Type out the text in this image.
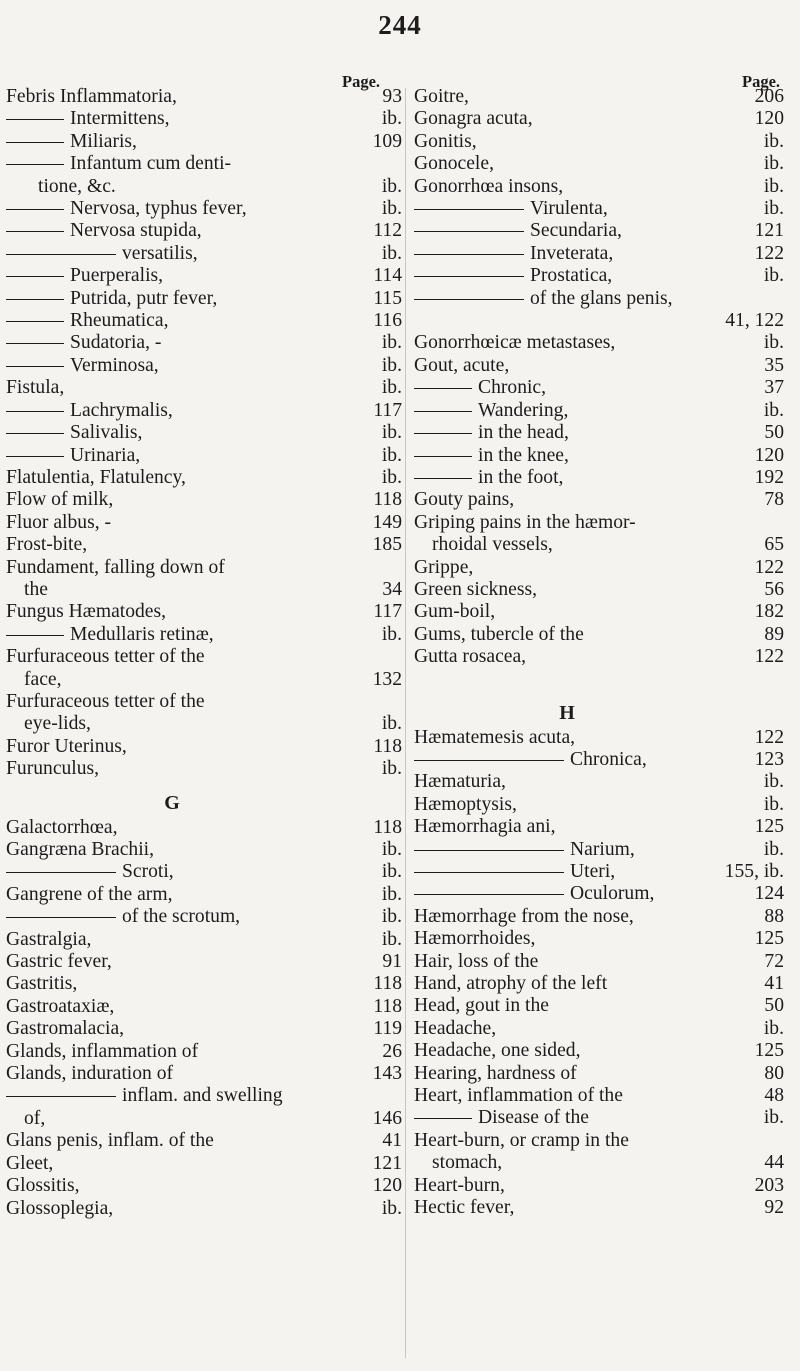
244
Page.	Page.
Febris Inflammatoria,	93
Intermittens,	ib.
Miliaris,	109
Infantum cum denti-
tione, &c.	ib.
Nervosa, typhus fever,	ib.
Nervosa stupida,	112
versatilis,	ib.
Puerperalis,	114
Putrida, putr fever,	115
Rheumatica,	116
Sudatoria, -	ib.
Verminosa,	ib.
Fistula,	ib.
Lachrymalis,	117
Salivalis,	ib.
Urinaria,	ib.
Flatulentia, Flatulency,	ib.
Flow of milk,	118
Fluor albus, -	149
Frost-bite,	185
Fundament, falling down of
the	34
Fungus Hæmatodes,	117
Medullaris retinæ,	ib.
Furfuraceous tetter of the
face,	132
Furfuraceous tetter of the
eye-lids,	ib.
Furor Uterinus,	118
Furunculus,	ib.
G
Galactorrhœa,	118
Gangræna Brachii,	ib.
Scroti,	ib.
Gangrene of the arm,	ib.
of the scrotum,	ib.
Gastralgia,	ib.
Gastric fever,	91
Gastritis,	118
Gastroataxiæ,	118
Gastromalacia,	119
Glands, inflammation of	26
Glands, induration of	143
inflam. and swelling
of,	146
Glans penis, inflam. of the	41
Gleet,	121
Glossitis,	120
Glossoplegia,	ib.
Goitre,	206
Gonagra acuta,	120
Gonitis,	ib.
Gonocele,	ib.
Gonorrhœa insons,	ib.
Virulenta,	ib.
Secundaria,	121
Inveterata,	122
Prostatica,	ib.
of the glans penis,
41, 122
Gonorrhœicæ metastases,	ib.
Gout, acute,	35
Chronic,	37
Wandering,	ib.
in the head,	50
in the knee,	120
in the foot,	192
Gouty pains,	78
Griping pains in the hæmor-
rhoidal vessels,	65
Grippe,	122
Green sickness,	56
Gum-boil,	182
Gums, tubercle of the	89
Gutta rosacea,	122
H
Hæmatemesis acuta,	122
Chronica,	123
Hæmaturia,	ib.
Hæmoptysis,	ib.
Hæmorrhagia ani,	125
Narium,	ib.
Uteri,	155, ib.
Oculorum,	124
Hæmorrhage from the nose,	88
Hæmorrhoides,	125
Hair, loss of the	72
Hand, atrophy of the left	41
Head, gout in the	50
Headache,	ib.
Headache, one sided,	125
Hearing, hardness of	80
Heart, inflammation of the	48
Disease of the	ib.
Heart-burn, or cramp in the
stomach,	44
Heart-burn,	203
Hectic fever,	92
